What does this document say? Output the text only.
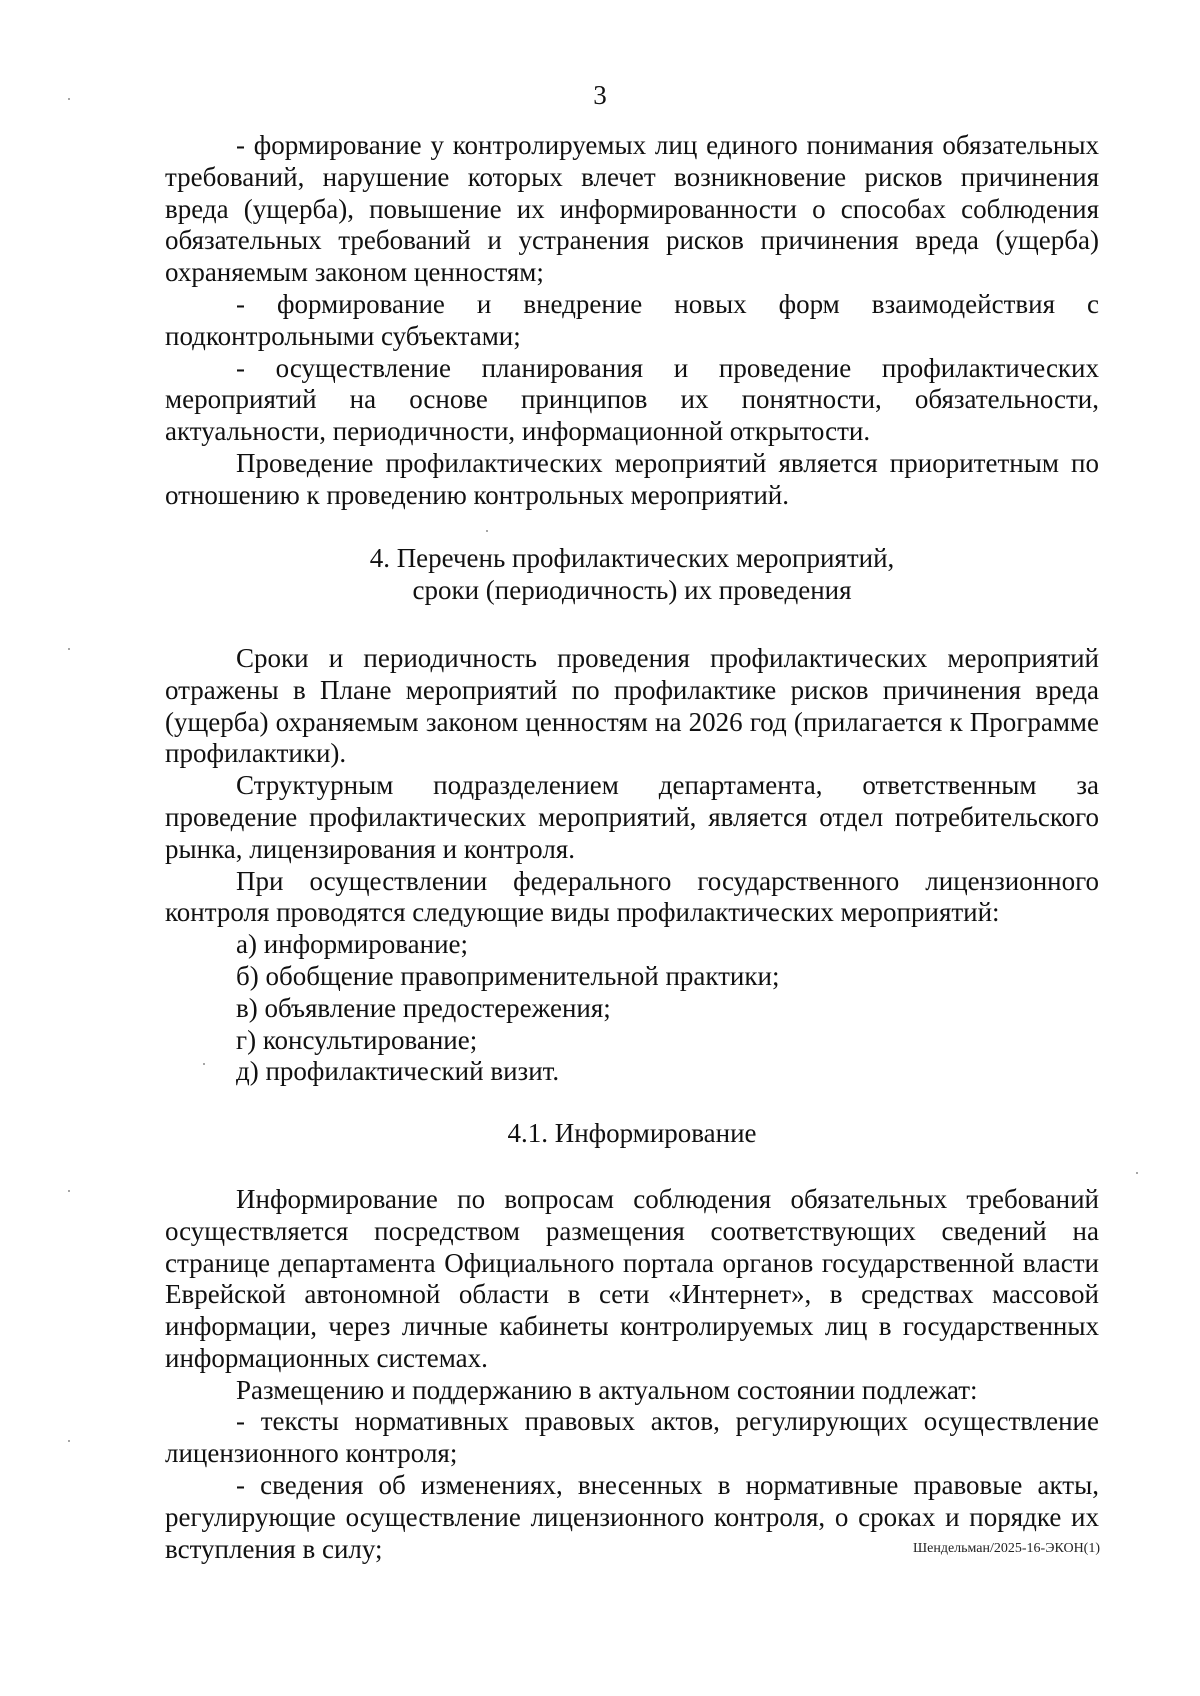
3

- формирование у контролируемых лиц единого понимания обязательных требований, нарушение которых влечет возникновение рисков причинения вреда (ущерба), повышение их информированности о способах соблюдения обязательных требований и устранения рисков причинения вреда (ущерба) охраняемым законом ценностям;

- формирование и внедрение новых форм взаимодействия с подконтрольными субъектами;

- осуществление планирования и проведение профилактических мероприятий на основе принципов их понятности, обязательности, актуальности, периодичности, информационной открытости.

Проведение профилактических мероприятий является приоритетным по отношению к проведению контрольных мероприятий.

4. Перечень профилактических мероприятий,
сроки (периодичность) их проведения

Сроки и периодичность проведения профилактических мероприятий отражены в Плане мероприятий по профилактике рисков причинения вреда (ущерба) охраняемым законом ценностям на 2026 год (прилагается к Программе профилактики).

Структурным подразделением департамента, ответственным за проведение профилактических мероприятий, является отдел потребительского рынка, лицензирования и контроля.

При осуществлении федерального государственного лицензионного контроля проводятся следующие виды профилактических мероприятий:

а) информирование;

б) обобщение правоприменительной практики;

в) объявление предостережения;

г) консультирование;

д) профилактический визит.

4.1. Информирование

Информирование по вопросам соблюдения обязательных требований осуществляется посредством размещения соответствующих сведений на странице департамента Официального портала органов государственной власти Еврейской автономной области в сети «Интернет», в средствах массовой информации, через личные кабинеты контролируемых лиц в государственных информационных системах.

Размещению и поддержанию в актуальном состоянии подлежат:

- тексты нормативных правовых актов, регулирующих осуществление лицензионного контроля;

- сведения об изменениях, внесенных в нормативные правовые акты, регулирующие осуществление лицензионного контроля, о сроках и порядке их вступления в силу;	Шендельман/2025-16-ЭКОН(1)
